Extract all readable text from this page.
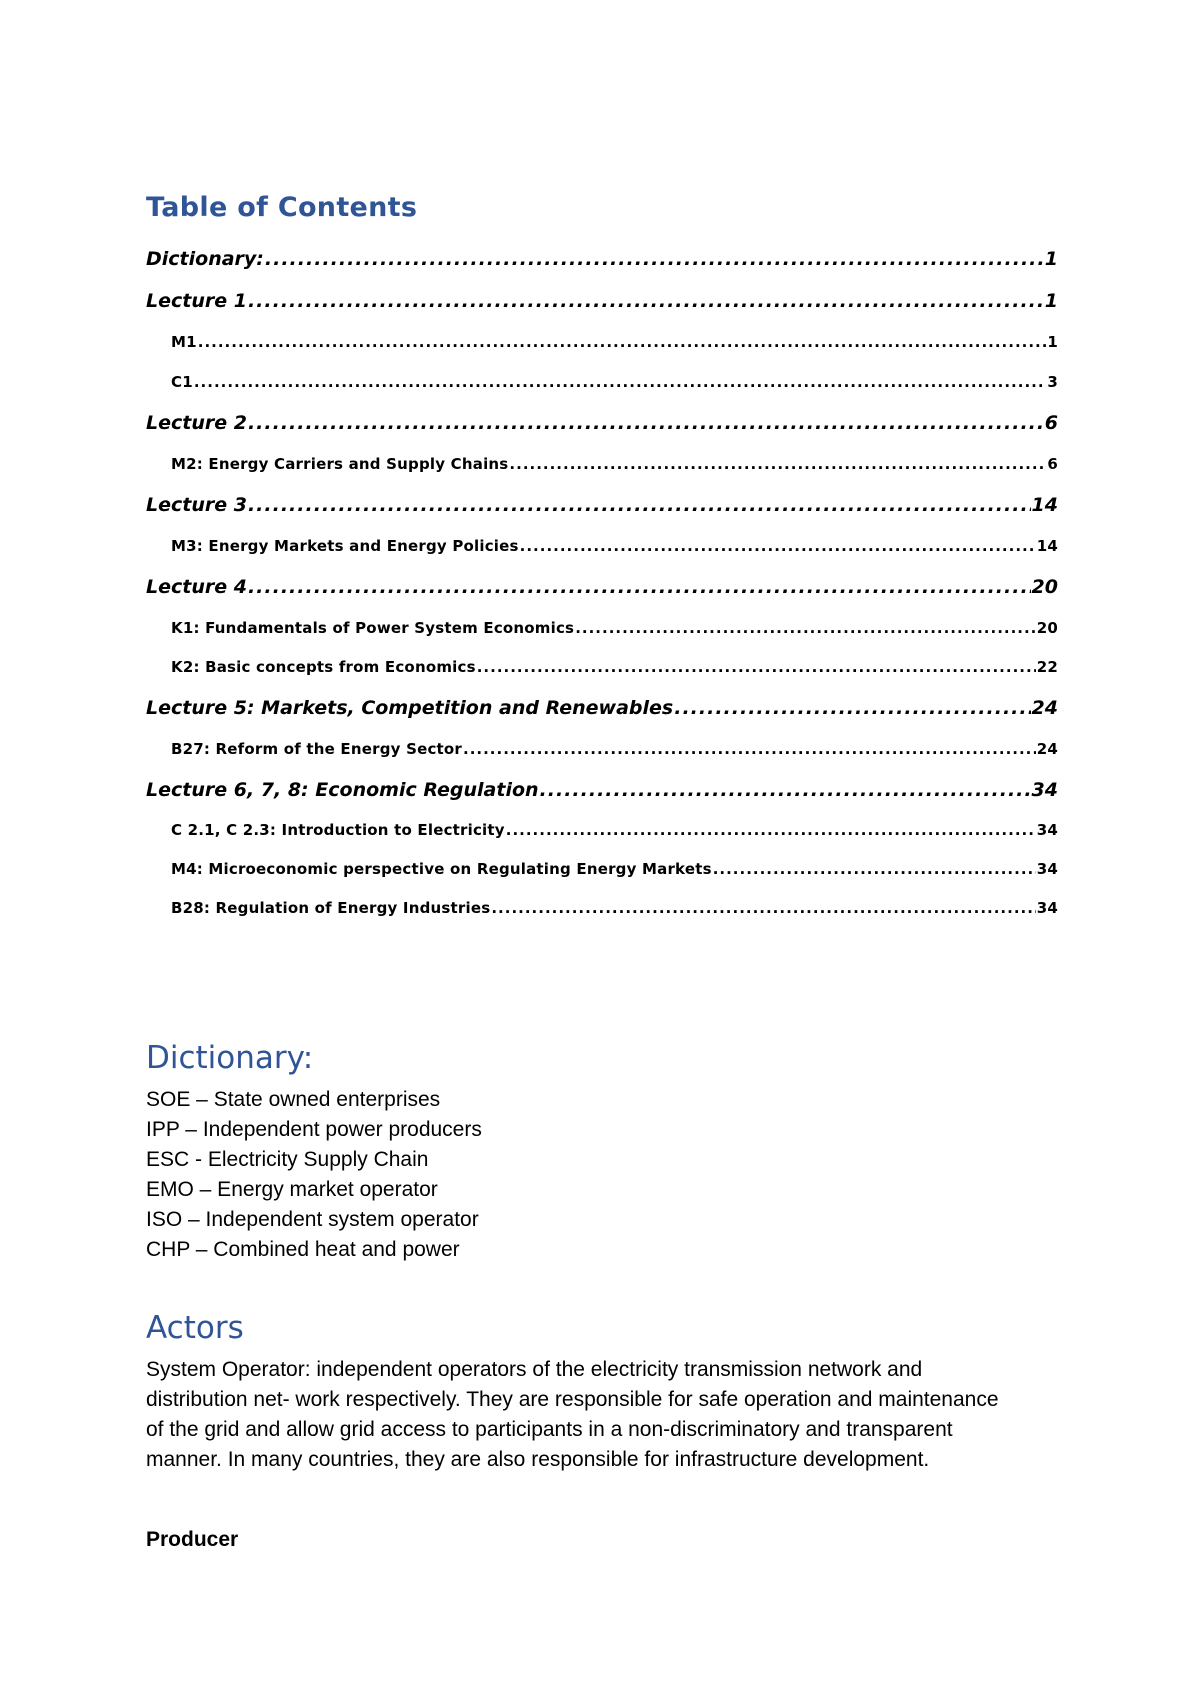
Table of Contents
Dictionary: .....	1
Lecture 1 .....	1
M1 .....	1
C1 .....	3
Lecture 2 .....	6
M2: Energy Carriers and Supply Chains .....	6
Lecture 3 .....	14
M3: Energy Markets and Energy Policies .....	14
Lecture 4 .....	20
K1: Fundamentals of Power System Economics .....	20
K2: Basic concepts from Economics .....	22
Lecture 5: Markets, Competition and Renewables .....	24
B27: Reform of the Energy Sector .....	24
Lecture 6, 7, 8: Economic Regulation .....	34
C 2.1, C 2.3: Introduction to Electricity .....	34
M4: Microeconomic perspective on Regulating Energy Markets .....	34
B28: Regulation of Energy Industries .....	34
Dictionary:
SOE – State owned enterprises
IPP – Independent power producers
ESC - Electricity Supply Chain
EMO – Energy market operator
ISO – Independent system operator
CHP – Combined heat and power
Actors
System Operator: independent operators of the electricity transmission network and
distribution net- work respectively. They are responsible for safe operation and maintenance
of the grid and allow grid access to participants in a non-discriminatory and transparent
manner. In many countries, they are also responsible for infrastructure development.
Producer
